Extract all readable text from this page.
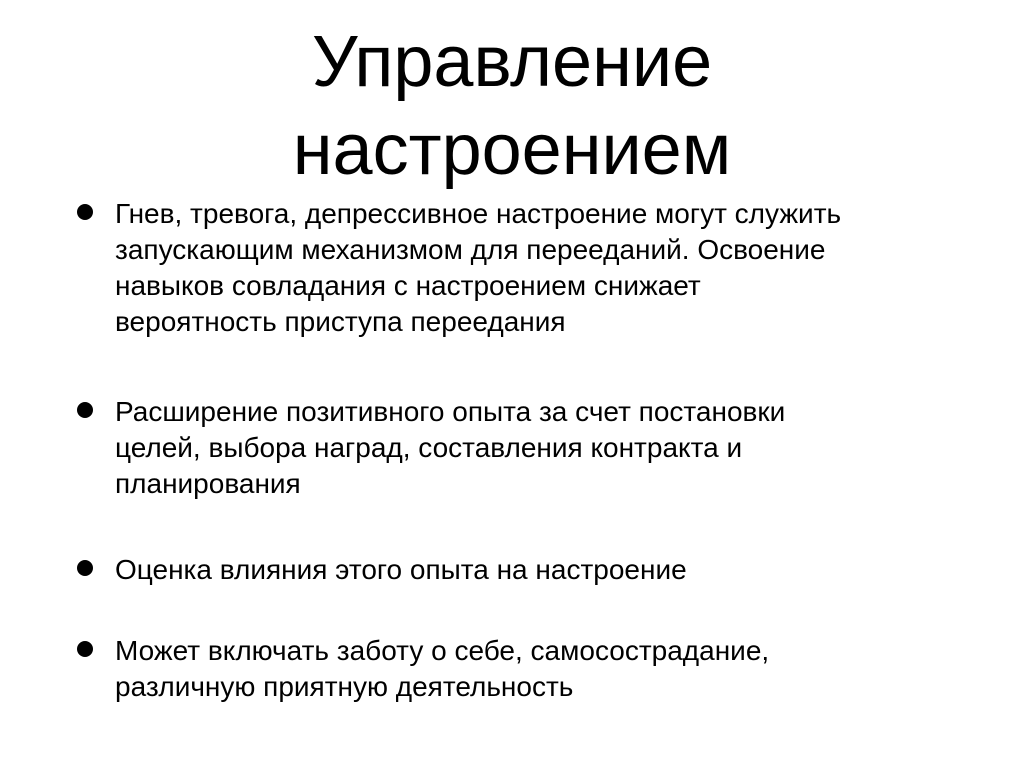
Управление
настроением
Гнев, тревога, депрессивное настроение могут служить
запускающим механизмом для перееданий. Освоение
навыков совладания с настроением снижает
вероятность приступа переедания
Расширение позитивного опыта за счет постановки
целей, выбора наград, составления контракта и
планирования
Оценка влияния этого опыта на настроение
Может включать заботу о себе, самосострадание,
различную приятную деятельность
